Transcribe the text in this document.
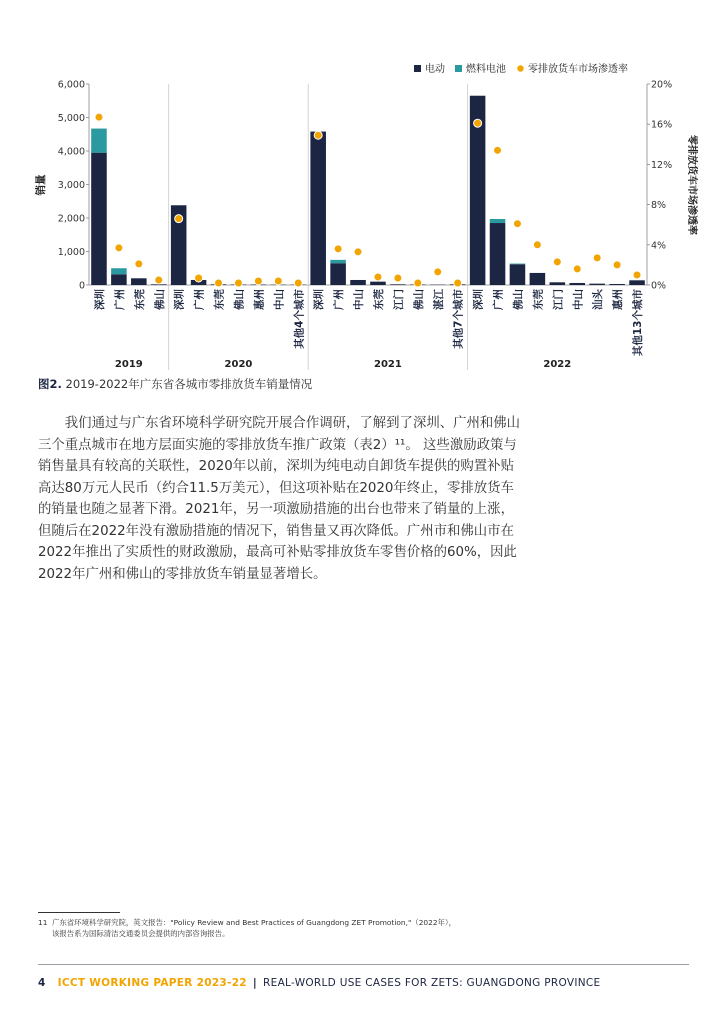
0
1,000
2,000
3,000
4,000
5,000
6,000
0%
4%
8%
12%
16%
20%
销量	零排放货车市场渗透率
电动 燃料电池 零排放货车市场渗透率
深圳 广州 东莞 佛山
2019
深圳 广州 东莞 佛山 惠州 中山 其他4个城市
2020
深圳 广州 中山 东莞 江门 佛山 湛江 其他7个城市
2021
深圳 广州 佛山 东莞 江门 中山 汕头 惠州 其他13个城市
2022
图2. 2019-2022年广东省各城市零排放货车销量情况

我们通过与广东省环境科学研究院开展合作调研，了解到了深圳、广州和佛山三个重点城市在地方层面实施的零排放货车推广政策（表2）¹¹。 这些激励政策与销售量具有较高的关联性，2020年以前，深圳为纯电动自卸货车提供的购置补贴高达80万元人民币（约合11.5万美元），但这项补贴在2020年终止，零排放货车的销量也随之显著下滑。2021年，另一项激励措施的出台也带来了销量的上涨，但随后在2022年没有激励措施的情况下，销售量又再次降低。广州市和佛山市在2022年推出了实质性的财政激励，最高可补贴零排放货车零售价格的60%，因此2022年广州和佛山的零排放货车销量显著增长。

11 广东省环境科学研究院，英文报告："Policy Review and Best Practices of Guangdong ZET Promotion,"（2022年），
该报告系为国际清洁交通委员会提供的内部咨询报告。
4 ICCT WORKING PAPER 2023-22 | REAL-WORLD USE CASES FOR ZETS: GUANGDONG PROVINCE
